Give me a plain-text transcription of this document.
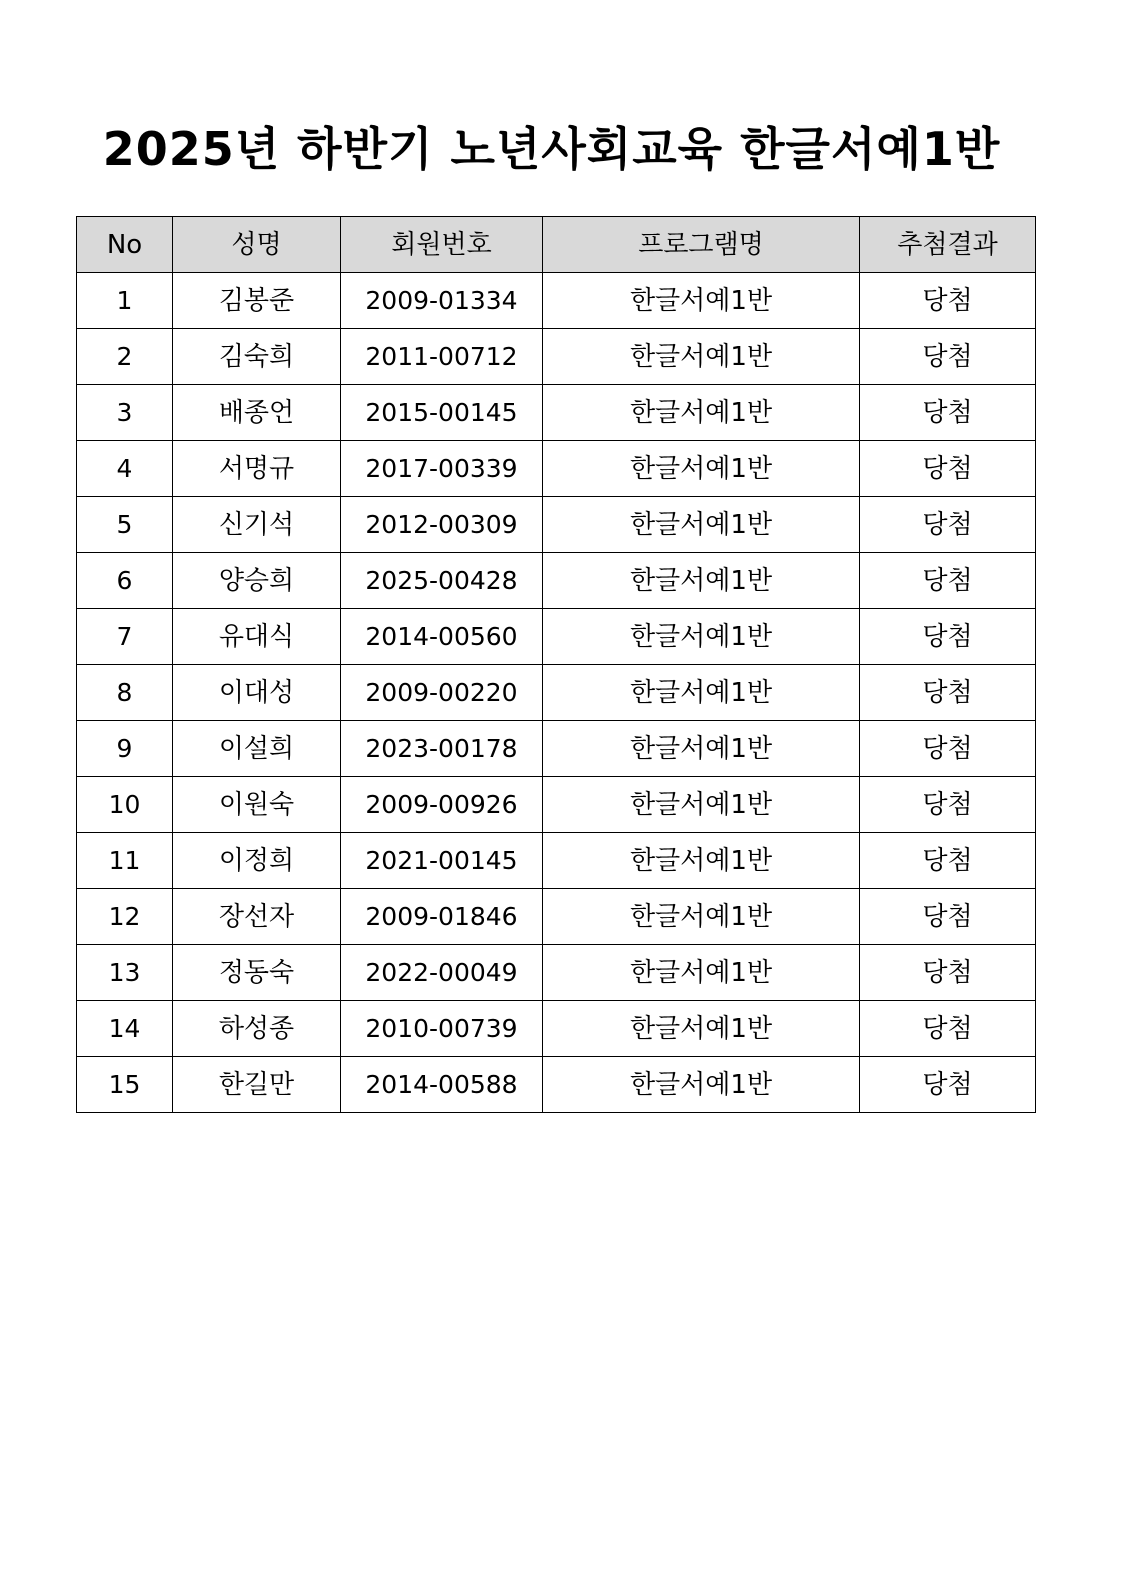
2025년 하반기 노년사회교육 한글서예1반
No	성명	회원번호	프로그램명	추첨결과
1	김봉준	2009-01334	한글서예1반	당첨
2	김숙희	2011-00712	한글서예1반	당첨
3	배종언	2015-00145	한글서예1반	당첨
4	서명규	2017-00339	한글서예1반	당첨
5	신기석	2012-00309	한글서예1반	당첨
6	양승희	2025-00428	한글서예1반	당첨
7	유대식	2014-00560	한글서예1반	당첨
8	이대성	2009-00220	한글서예1반	당첨
9	이설희	2023-00178	한글서예1반	당첨
10	이원숙	2009-00926	한글서예1반	당첨
11	이정희	2021-00145	한글서예1반	당첨
12	장선자	2009-01846	한글서예1반	당첨
13	정동숙	2022-00049	한글서예1반	당첨
14	하성종	2010-00739	한글서예1반	당첨
15	한길만	2014-00588	한글서예1반	당첨
